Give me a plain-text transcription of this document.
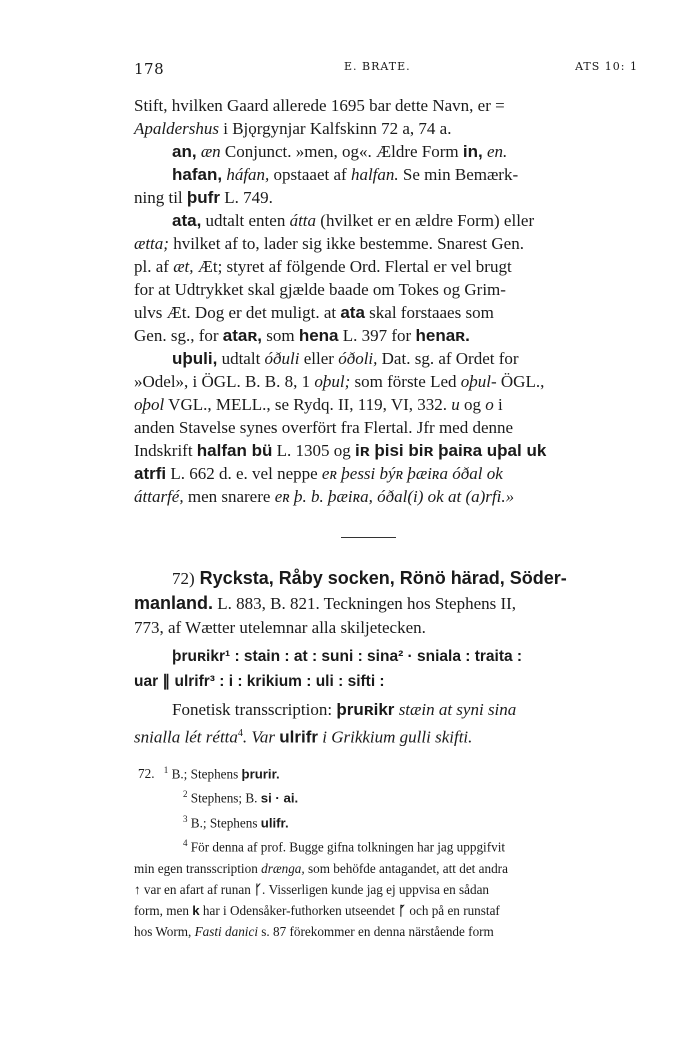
178	E. BRATE.	ATS 10: 1

Stift, hvilken Gaard allerede 1695 bar dette Navn, er =
Apaldershus i Bjǫrgynjar Kalfskinn 72 a, 74 a.

an, æn Conjunct. »men, og«. Ældre Form in, en.

hafan, háfan, opstaaet af halfan. Se min Bemærk-
ning til þufr L. 749.

ata, udtalt enten átta (hvilket er en ældre Form) eller
ætta; hvilket af to, lader sig ikke bestemme. Snarest Gen.
pl. af æt, Æt; styret af fölgende Ord. Flertal er vel brugt
for at Udtrykket skal gjælde baade om Tokes og Grim-
ulvs Æt. Dog er det muligt. at ata skal forstaaes som
Gen. sg., for ataʀ, som hena L. 397 for henaʀ.

uþuli, udtalt óðuli eller óðoli, Dat. sg. af Ordet for
»Odel», i ÖGL. B. B. 8, 1 oþul; som förste Led oþul- ÖGL.,
oþol VGL., MELL., se Rydq. II, 119, VI, 332. u og o i
anden Stavelse synes overfört fra Flertal. Jfr med denne
Indskrift halfan bü L. 1305 og iʀ þisi biʀ þaiʀa uþal uk
atrfi L. 662 d. e. vel neppe eʀ þessi býʀ þæiʀa óðal ok
áttarfé, men snarere eʀ þ. b. þæiʀa, óðal(i) ok at (a)rfi.»

72) Rycksta, Råby socken, Rönö härad, Söder-
manland. L. 883, B. 821. Teckningen hos Stephens II,
773, af Wætter utelemnar alla skiljetecken.

þruʀikr¹ : stain : at : suni : sina² · sniala : traita :
uar ∥ ulrifr³ : i : krikium : uli : sifti :

Fonetisk transscription: þruʀikr stæin at syni sina
snialla lét rétta$^4$. Var ulrifr i Grikkium gulli skifti.

72. $^1$ B.; Stephens þrurir.
$^2$ Stephens; B. si · ai.
$^3$ B.; Stephens ulifr.

$^4$ För denna af prof. Bugge gifna tolkningen har jag uppgifvit
min egen transscription drænga, som behöfde antagandet, att det andra
↑ var en afart af runan ᚴ. Visserligen kunde jag ej uppvisa en sådan
form, men k har i Odensåker-futhorken utseendet ᚵ och på en runstaf
hos Worm, Fasti danici s. 87 förekommer en denna närstående form
